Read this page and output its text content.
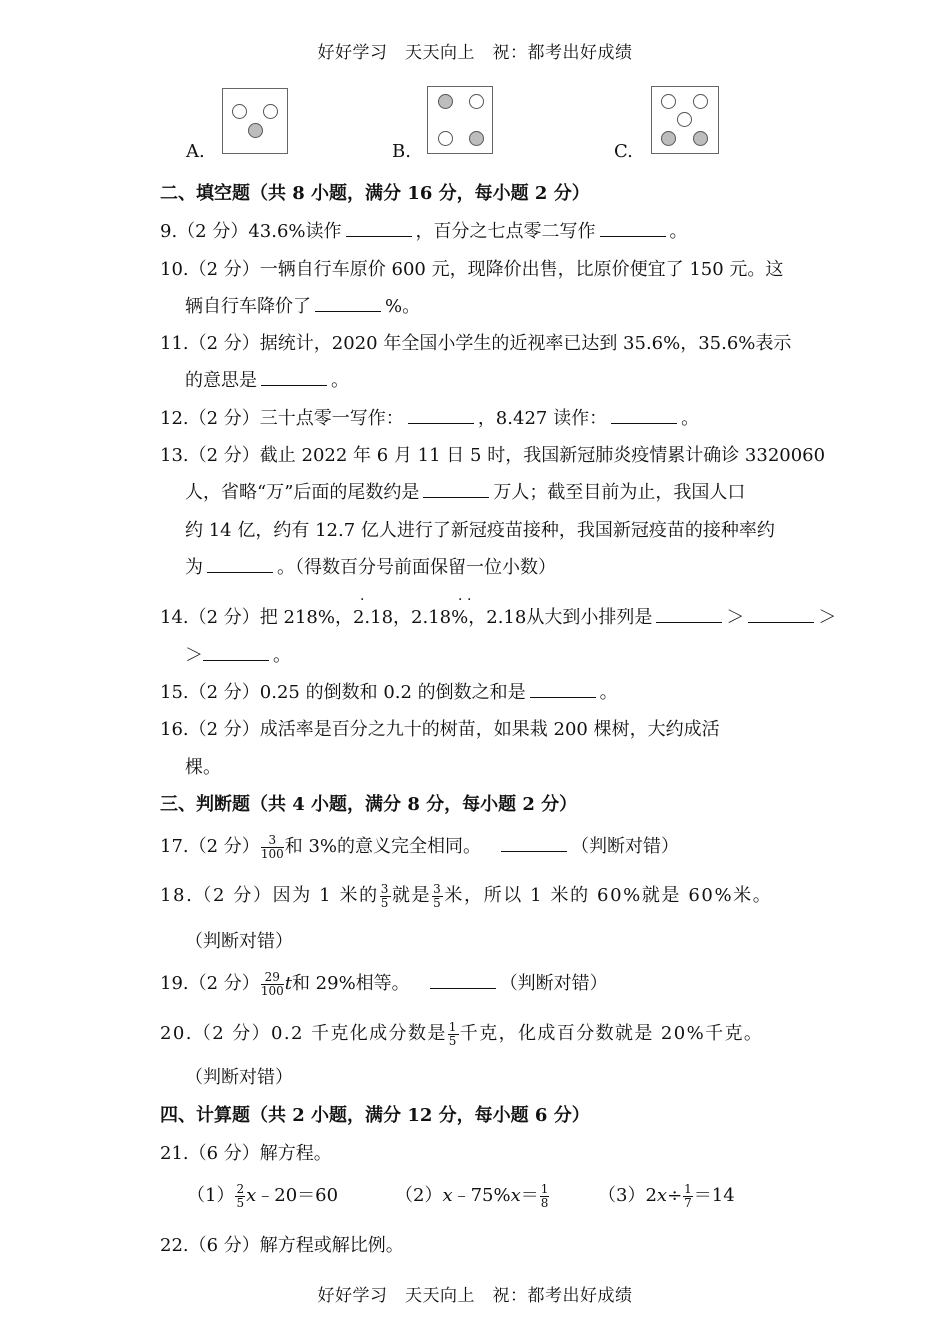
好好学习　天天向上　祝：都考出好成绩
A.	B.	C.
二、填空题（共 8 小题，满分 16 分，每小题 2 分）
9.（2 分）43.6%读作	，百分之七点零二写作	。
10.（2 分）一辆自行车原价 600 元，现降价出售，比原价便宜了 150 元。这
辆自行车降价了	%。
11.（2 分）据统计，2020 年全国小学生的近视率已达到 35.6%，35.6%表示
的意思是	。
12.（2 分）三十点零一写作：	，8.427 读作：	。
13.（2 分）截止 2022 年 6 月 11 日 5 时，我国新冠肺炎疫情累计确诊 3320060
人，省略“万”后面的尾数约是	万人；截至目前为止，我国人口
约 14 亿，约有 12.7 亿人进行了新冠疫苗接种，我国新冠疫苗的接种率约
为	。（得数百分号前面保留一位小数）
.	. .
14.（2 分）把 218%，2.18，2.18%，2.18从大到小排列是	＞	＞
＞	。
15.（2 分）0.25 的倒数和 0.2 的倒数之和是	。
16.（2 分）成活率是百分之九十的树苗，如果栽 200 棵树，大约成活
棵。
三、判断题（共 4 小题，满分 8 分，每小题 2 分）
17.（2 分） $\frac{3}{100}$ 和 3%的意义完全相同。	（判断对错）
18.（2 分）因为 1 米的 $\frac{3}{5}$ 就是 $\frac{3}{5}$ 米，所以 1 米的 60%就是 60%米。
（判断对错）
19.（2 分） $\frac{29}{100}$ t和 29%相等。	（判断对错）
20.（2 分）0.2 千克化成分数是 $\frac{1}{5}$ 千克，化成百分数就是 20%千克。
（判断对错）
四、计算题（共 2 小题，满分 12 分，每小题 6 分）
21.（6 分）解方程。
$(1) \frac{2}{5}$ x﹣20＝60	（2）x﹣75%x＝ $\frac{1}{8}$	$(3)2x\div \frac{1}{7} =14$
22.（6 分）解方程或解比例。
好好学习　天天向上　祝：都考出好成绩
